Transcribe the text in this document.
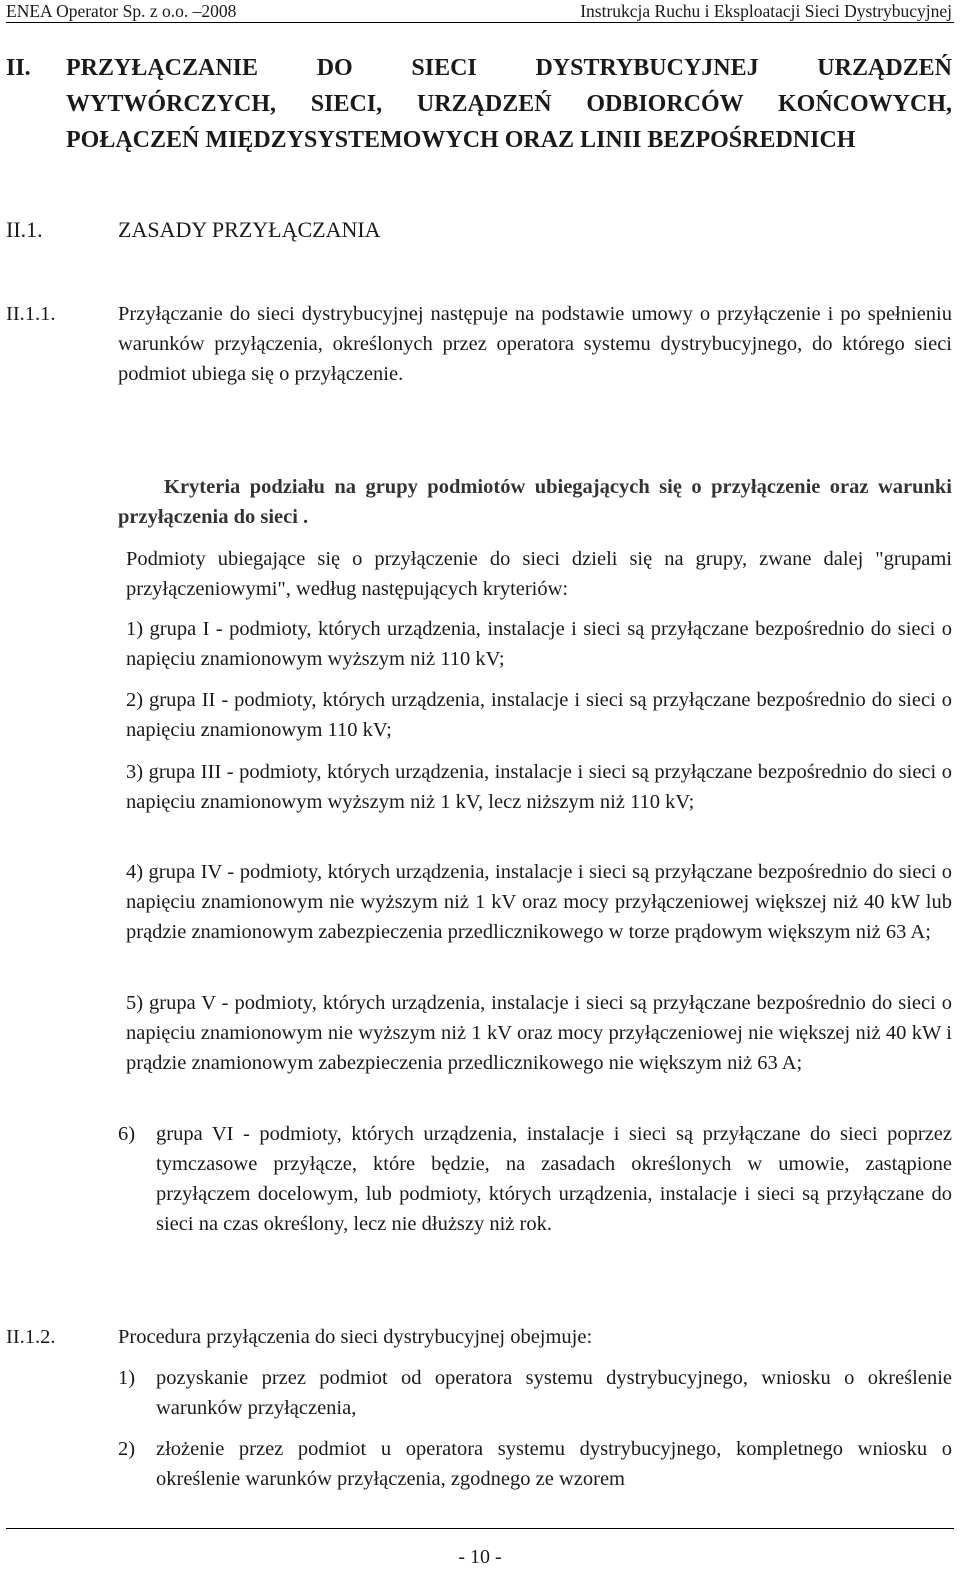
ENEA Operator Sp. z o.o. –2008	Instrukcja Ruchu i Eksploatacji Sieci Dystrybucyjnej
II. PRZYŁĄCZANIE DO SIECI DYSTRYBUCYJNEJ URZĄDZEŃ WYTWÓRCZYCH, SIECI, URZĄDZEŃ ODBIORCÓW KOŃCOWYCH, POŁĄCZEŃ MIĘDZYSYSTEMOWYCH ORAZ LINII BEZPOŚREDNICH
II.1.	ZASADY PRZYŁĄCZANIA
II.1.1.	Przyłączanie do sieci dystrybucyjnej następuje na podstawie umowy o przyłączenie i po spełnieniu warunków przyłączenia, określonych przez operatora systemu dystrybucyjnego, do którego sieci podmiot ubiega się o przyłączenie.
Kryteria podziału na grupy podmiotów ubiegających się o przyłączenie oraz warunki przyłączenia do sieci .
Podmioty ubiegające się o przyłączenie do sieci dzieli się na grupy, zwane dalej "grupami przyłączeniowymi", według następujących kryteriów:
1) grupa I - podmioty, których urządzenia, instalacje i sieci są przyłączane bezpośrednio do sieci o napięciu znamionowym wyższym niż 110 kV;
2) grupa II - podmioty, których urządzenia, instalacje i sieci są przyłączane bezpośrednio do sieci o napięciu znamionowym 110 kV;
3) grupa III - podmioty, których urządzenia, instalacje i sieci są przyłączane bezpośrednio do sieci o napięciu znamionowym wyższym niż 1 kV, lecz niższym niż 110 kV;
4) grupa IV - podmioty, których urządzenia, instalacje i sieci są przyłączane bezpośrednio do sieci o napięciu znamionowym nie wyższym niż 1 kV oraz mocy przyłączeniowej większej niż 40 kW lub prądzie znamionowym zabezpieczenia przedlicznikowego w torze prądowym większym niż 63 A;
5) grupa V - podmioty, których urządzenia, instalacje i sieci są przyłączane bezpośrednio do sieci o napięciu znamionowym nie wyższym niż 1 kV oraz mocy przyłączeniowej nie większej niż 40 kW i prądzie znamionowym zabezpieczenia przedlicznikowego nie większym niż 63 A;
6) grupa VI - podmioty, których urządzenia, instalacje i sieci są przyłączane do sieci poprzez tymczasowe przyłącze, które będzie, na zasadach określonych w umowie, zastąpione przyłączem docelowym, lub podmioty, których urządzenia, instalacje i sieci są przyłączane do sieci na czas określony, lecz nie dłuższy niż rok.
II.1.2.	Procedura przyłączenia do sieci dystrybucyjnej obejmuje:
1) pozyskanie przez podmiot od operatora systemu dystrybucyjnego, wniosku o określenie warunków przyłączenia,
2) złożenie przez podmiot u operatora systemu dystrybucyjnego, kompletnego wniosku o określenie warunków przyłączenia, zgodnego ze wzorem
- 10 -
